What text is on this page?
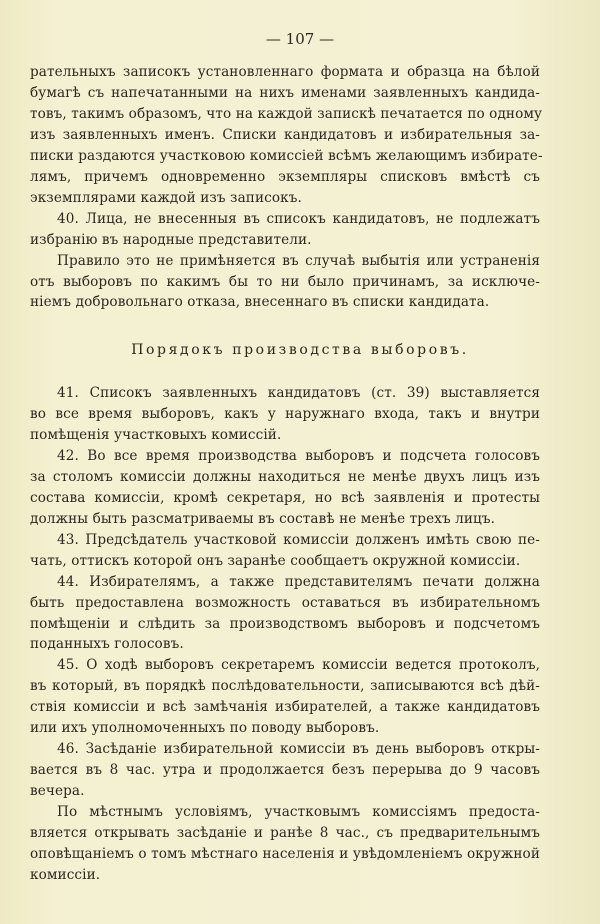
— 107 —
Порядокъ производства выборовъ.
рательныхъ записокъ установленнаго формата и образца на бѣлой
бумагѣ съ напечатанными на нихъ именами заявленныхъ кандида-
товъ, такимъ образомъ, что на каждой запискѣ печатается по одному
изъ заявленныхъ именъ. Списки кандидатовъ и избирательныя за-
писки раздаются участковою комиссіей всѣмъ желающимъ избирате-
лямъ, причемъ одновременно экземпляры списковъ вмѣстѣ съ
экземплярами каждой изъ записокъ.
40. Лица, не внесенныя въ списокъ кандидатовъ, не подлежатъ
избранію въ народные представители.
Правило это не примѣняется въ случаѣ выбытія или устраненія
отъ выборовъ по какимъ бы то ни было причинамъ, за исключе-
ніемъ добровольнаго отказа, внесеннаго въ списки кандидата.
41. Списокъ заявленныхъ кандидатовъ (ст. 39) выставляется
во все время выборовъ, какъ у наружнаго входа, такъ и внутри
помѣщенія участковыхъ комиссій.
42. Во все время производства выборовъ и подсчета голосовъ
за столомъ комиссіи должны находиться не менѣе двухъ лицъ изъ
состава комиссіи, кромѣ секретаря, но всѣ заявленія и протесты
должны быть разсматриваемы въ составѣ не менѣе трехъ лицъ.
43. Предсѣдатель участковой комиссіи долженъ имѣть свою пе-
чать, оттискъ которой онъ заранѣе сообщаетъ окружной комиссіи.
44. Избирателямъ, а также представителямъ печати должна
быть предоставлена возможность оставаться въ избирательномъ
помѣщеніи и слѣдить за производствомъ выборовъ и подсчетомъ
поданныхъ голосовъ.
45. О ходѣ выборовъ секретаремъ комиссіи ведется протоколъ,
въ который, въ порядкѣ послѣдовательности, записываются всѣ дѣй-
ствія комиссіи и всѣ замѣчанія избирателей, а также кандидатовъ
или ихъ уполномоченныхъ по поводу выборовъ.
46. Засѣданіе избирательной комиссіи въ день выборовъ откры-
вается въ 8 час. утра и продолжается безъ перерыва до 9 часовъ
вечера.
По мѣстнымъ условіямъ, участковымъ комиссіямъ предоста-
вляется открывать засѣданіе и ранѣе 8 час., съ предварительнымъ
оповѣщаніемъ о томъ мѣстнаго населенія и увѣдомленіемъ окружной
комиссіи.
